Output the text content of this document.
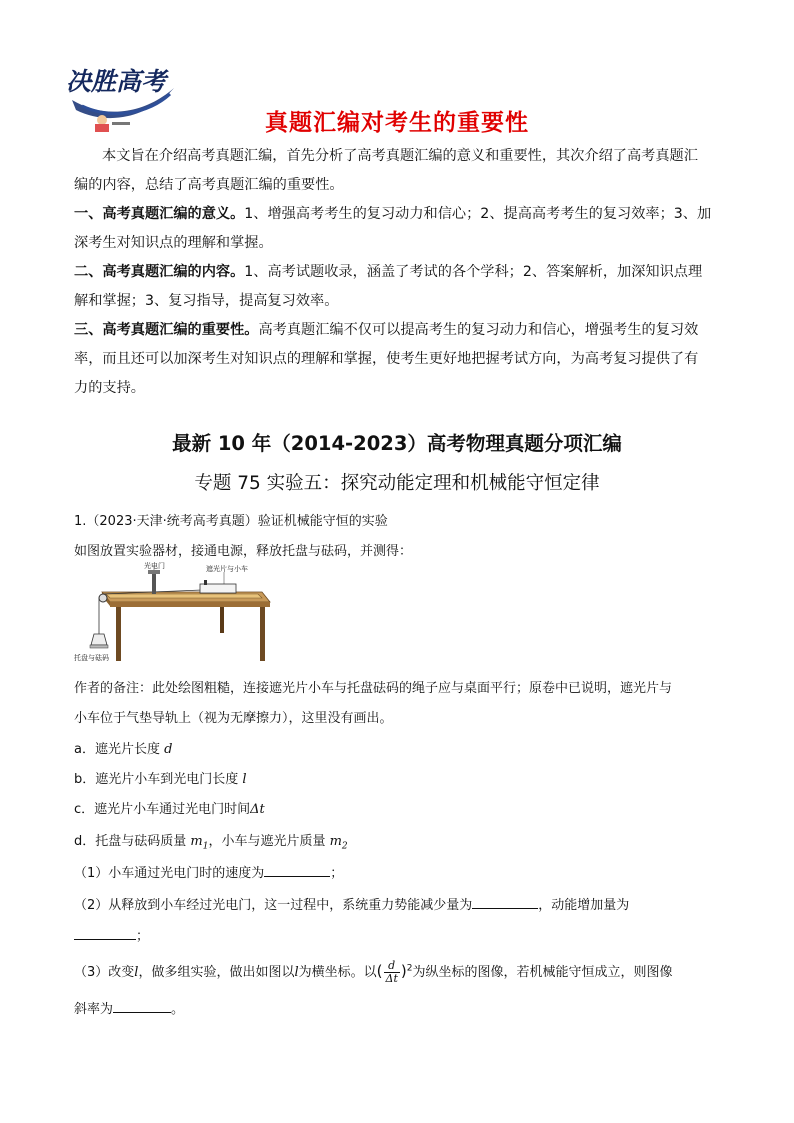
决胜高考
真题汇编对考生的重要性
本文旨在介绍高考真题汇编，首先分析了高考真题汇编的意义和重要性，其次介绍了高考真题汇
编的内容，总结了高考真题汇编的重要性。
一、高考真题汇编的意义。1、增强高考考生的复习动力和信心；2、提高高考考生的复习效率；3、加
深考生对知识点的理解和掌握。
二、高考真题汇编的内容。1、高考试题收录，涵盖了考试的各个学科；2、答案解析，加深知识点理
解和掌握；3、复习指导，提高复习效率。
三、高考真题汇编的重要性。高考真题汇编不仅可以提高考生的复习动力和信心，增强考生的复习效
率，而且还可以加深考生对知识点的理解和掌握，使考生更好地把握考试方向，为高考复习提供了有
力的支持。
最新 10 年（2014-2023）高考物理真题分项汇编
专题 75 实验五：探究动能定理和机械能守恒定律
1.（2023·天津·统考高考真题）验证机械能守恒的实验
如图放置实验器材，接通电源，释放托盘与砝码，并测得：
光电门	遮光片与小车
托盘与砝码
作者的备注：此处绘图粗糙，连接遮光片小车与托盘砝码的绳子应与桌面平行；原卷中已说明，遮光片与
小车位于气垫导轨上（视为无摩擦力），这里没有画出。
a．遮光片长度 d
b．遮光片小车到光电门长度 l
c．遮光片小车通过光电门时间Δt
d．托盘与砝码质量 $m_1$，小车与遮光片质量 $m_2$
（1）小车通过光电门时的速度为	；
（2）从释放到小车经过光电门，这一过程中，系统重力势能减少量为	，动能增加量为
；
（3）改变l，做多组实验，做出如图以l为横坐标。以( $\frac{d}{\Delta t} )^2$为纵坐标的图像，若机械能守恒成立，则图像
斜率为	。
